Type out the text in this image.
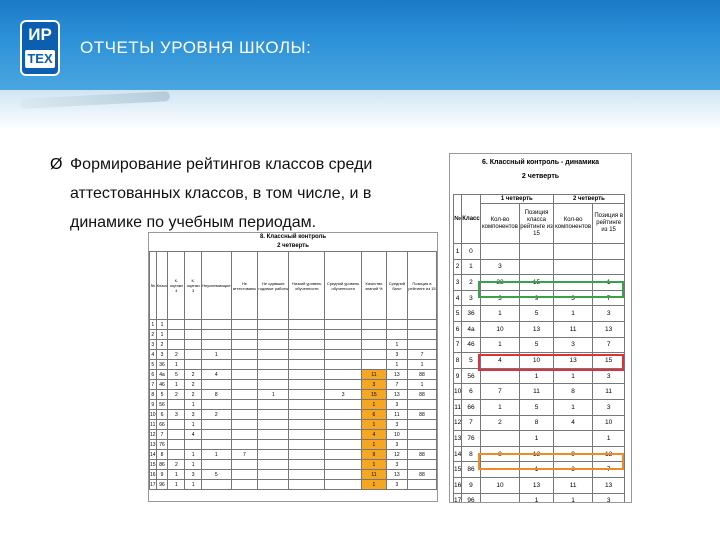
ИР
ТЕХ
ОТЧЕТЫ УРОВНЯ ШКОЛЫ:
Ø Формирование рейтингов классов среди аттестованных классов, в том числе, и в динамике по учебным периодам.
8. Классный контроль
2 четверть
№	Класс	К. оценки 4	К. оценки 3	Неуспевающие	Не аттестованы	Не сдавшие годовые работы	Низкий уровень обученности	Средний уровень обученности	Качество знаний %	Средний балл	Позиция в рейтинге из 15
1	1										
2	1										
3	2									1	
4	3	2		1						3	7
5	36	1								1	1
6	4а	5	2	4					11	13	88
7	46	1	2						3	7	1
8	5	2	2	8		1		3	15	13	88
9	56		1						1	3	
10	6	3	3	2					6	11	88
11	66		1						1	3	
12	7		4						4	10	
13	76								1	3	
14	8		1	1	7				9	12	88
15	86	2	1						1	3	
16	9	1	3	5					11	13	88
17	96	1	1						1	3	
6. Классный контроль - динамика
2 четверть
№	Класс	1 четверть		2 четверть	
		Кол-во компонентов	Позиция класса рейтинге из 15	Кол-во компонентов	Позиция в рейтинге из 15
1	0				
2	1	3			
3	2	23	15		1
4	3	3	9	3	7
5	36	1	5	1	3
6	4а	10	13	11	13
7	46	1	5	3	7
8	5	4	10	13	15
9	56		1	1	3
10	6	7	11	8	11
11	66	1	5	1	3
12	7	2	8	4	10
13	76		1		1
14	8	8	12	9	12
15	86		1	3	7
16	9	10	13	11	13
17	96		1	1	3
